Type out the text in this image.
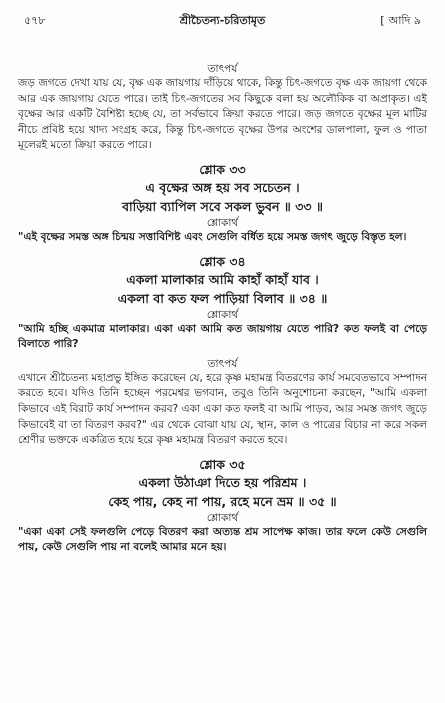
৫৭৮	শ্রীচৈতন্য-চরিতামৃত	[ আদি ৯
তাৎপর্য
জড় জগতে দেখা যায় যে, বৃক্ষ এক জায়গায় দাঁড়িয়ে থাকে, কিন্তু চিৎ-জগতে বৃক্ষ এক জায়গা থেকে আর এক জায়গায় যেতে পারে। তাই চিৎ-জগতের সব কিছুকে বলা হয় অলৌকিক বা অপ্রাকৃত। এই বৃক্ষের আর একটি বৈশিষ্ট্য হচ্ছে যে, তা সর্বভাবে ক্রিয়া করতে পারে। জড় জগতে বৃক্ষের মূল মাটির নীচে প্রবিষ্ট হয়ে খাদ্য সংগ্রহ করে, কিন্তু চিৎ-জগতে বৃক্ষের উপর অংশের ডালপালা, ফুল ও পাতা মূলেরই মতো ক্রিয়া করতে পারে।
শ্লোক ৩৩
এ বৃক্ষের অঙ্গ হয় সব সচেতন ।
বাড়িয়া ব্যাপিল সবে সকল ভুবন ॥ ৩৩ ॥
শ্লোকার্থ
"এই বৃক্ষের সমস্ত অঙ্গ চিন্ময় সত্তাবিশিষ্ট এবং সেগুলি বর্ধিত হয়ে সমস্ত জগৎ জুড়ে বিস্তৃত হল।
শ্লোক ৩৪
একলা মালাকার আমি কাহাঁ কাহাঁ যাব ।
একলা বা কত ফল পাড়িয়া বিলাব ॥ ৩৪ ॥
শ্লোকার্থ
"আমি হচ্ছি একমাত্র মালাকার। একা একা আমি কত জায়গায় যেতে পারি? কত ফলই বা পেড়ে বিলাতে পারি?
তাৎপর্য
এখানে শ্রীচৈতন্য মহাপ্রভু ইঙ্গিত করেছেন যে, হরে কৃষ্ণ মহামন্ত্র বিতরণের কার্য সমবেতভাবে সম্পাদন করতে হবে। যদিও তিনি হচ্ছেন পরমেশ্বর ভগবান, তবুও তিনি অনুশোচনা করছেন, "আমি একলা কিভাবে এই বিরাট কার্য সম্পাদন করব? একা একা কত ফলই বা আমি পাড়ব, আর সমস্ত জগৎ জুড়ে কিভাবেই বা তা বিতরণ করব?" এর থেকে বোঝা যায় যে, স্থান, কাল ও পাত্রের বিচার না করে সকল শ্রেণীর ভক্তকে একত্রিত হয়ে হরে কৃষ্ণ মহামন্ত্র বিতরণ করতে হবে।
শ্লোক ৩৫
একলা উঠাঞা দিতে হয় পরিশ্রম ।
কেহ পায়, কেহ না পায়, রহে মনে ভ্রম ॥ ৩৫ ॥
শ্লোকার্থ
"একা একা সেই ফলগুলি পেড়ে বিতরণ করা অত্যন্ত শ্রম সাপেক্ষ কাজ। তার ফলে কেউ সেগুলি পায়, কেউ সেগুলি পায় না বলেই আমার মনে হয়।
